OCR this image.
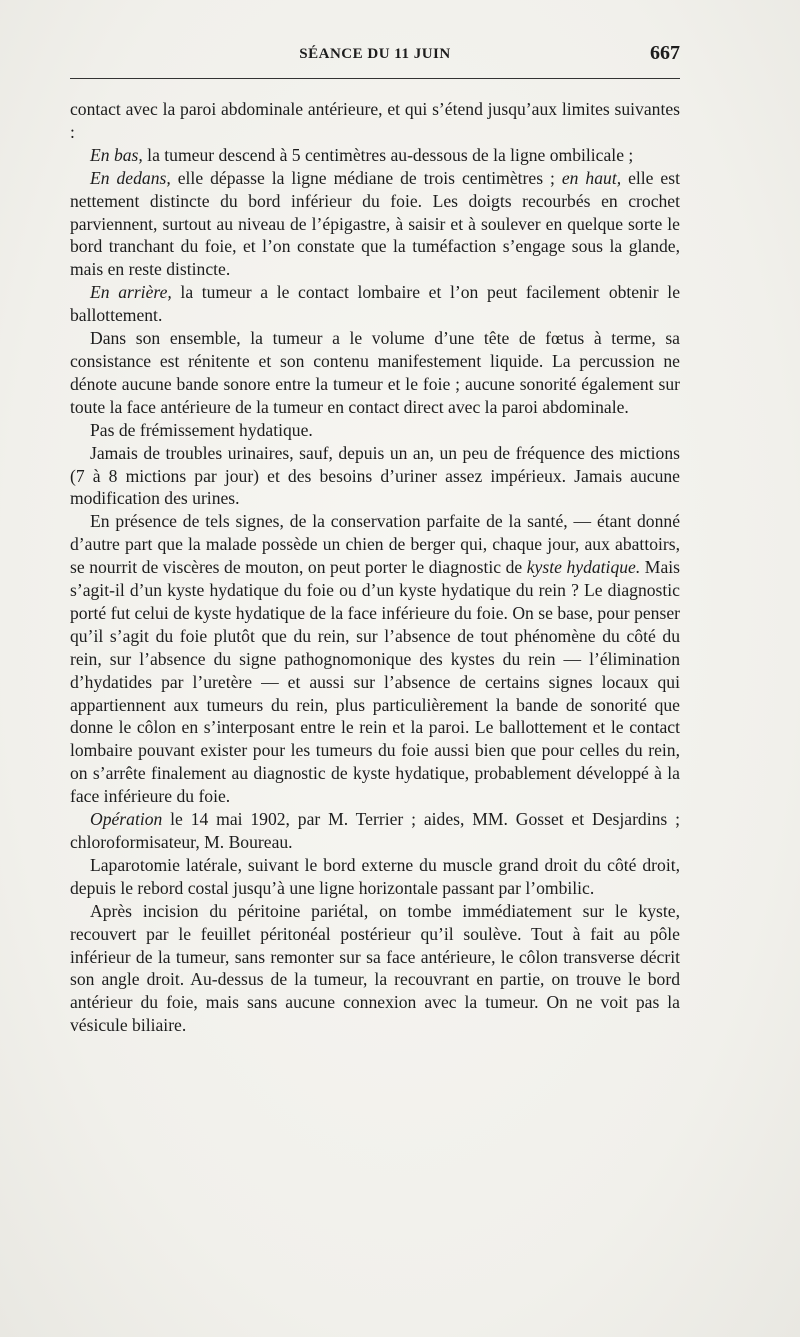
SÉANCE DU 11 JUIN	667

contact avec la paroi abdominale antérieure, et qui s’étend jusqu’aux limites suivantes :

En bas, la tumeur descend à 5 centimètres au-dessous de la ligne ombilicale ;

En dedans, elle dépasse la ligne médiane de trois centimètres ; en haut, elle est nettement distincte du bord inférieur du foie. Les doigts recourbés en crochet parviennent, surtout au niveau de l’épigastre, à saisir et à soulever en quelque sorte le bord tranchant du foie, et l’on constate que la tuméfaction s’engage sous la glande, mais en reste distincte.

En arrière, la tumeur a le contact lombaire et l’on peut facilement obtenir le ballottement.

Dans son ensemble, la tumeur a le volume d’une tête de fœtus à terme, sa consistance est rénitente et son contenu manifestement liquide. La percussion ne dénote aucune bande sonore entre la tumeur et le foie ; aucune sonorité également sur toute la face antérieure de la tumeur en contact direct avec la paroi abdominale.

Pas de frémissement hydatique.

Jamais de troubles urinaires, sauf, depuis un an, un peu de fréquence des mictions (7 à 8 mictions par jour) et des besoins d’uriner assez impérieux. Jamais aucune modification des urines.

En présence de tels signes, de la conservation parfaite de la santé, — étant donné d’autre part que la malade possède un chien de berger qui, chaque jour, aux abattoirs, se nourrit de viscères de mouton, on peut porter le diagnostic de kyste hydatique. Mais s’agit-il d’un kyste hydatique du foie ou d’un kyste hydatique du rein ? Le diagnostic porté fut celui de kyste hydatique de la face inférieure du foie. On se base, pour penser qu’il s’agit du foie plutôt que du rein, sur l’absence de tout phénomène du côté du rein, sur l’absence du signe pathognomonique des kystes du rein — l’élimination d’hydatides par l’uretère — et aussi sur l’absence de certains signes locaux qui appartiennent aux tumeurs du rein, plus particulièrement la bande de sonorité que donne le côlon en s’interposant entre le rein et la paroi. Le ballottement et le contact lombaire pouvant exister pour les tumeurs du foie aussi bien que pour celles du rein, on s’arrête finalement au diagnostic de kyste hydatique, probablement développé à la face inférieure du foie.

Opération le 14 mai 1902, par M. Terrier ; aides, MM. Gosset et Desjardins ; chloroformisateur, M. Boureau.

Laparotomie latérale, suivant le bord externe du muscle grand droit du côté droit, depuis le rebord costal jusqu’à une ligne horizontale passant par l’ombilic.

Après incision du péritoine pariétal, on tombe immédiatement sur le kyste, recouvert par le feuillet péritonéal postérieur qu’il soulève. Tout à fait au pôle inférieur de la tumeur, sans remonter sur sa face antérieure, le côlon transverse décrit son angle droit. Au-dessus de la tumeur, la recouvrant en partie, on trouve le bord antérieur du foie, mais sans aucune connexion avec la tumeur. On ne voit pas la vésicule biliaire.
